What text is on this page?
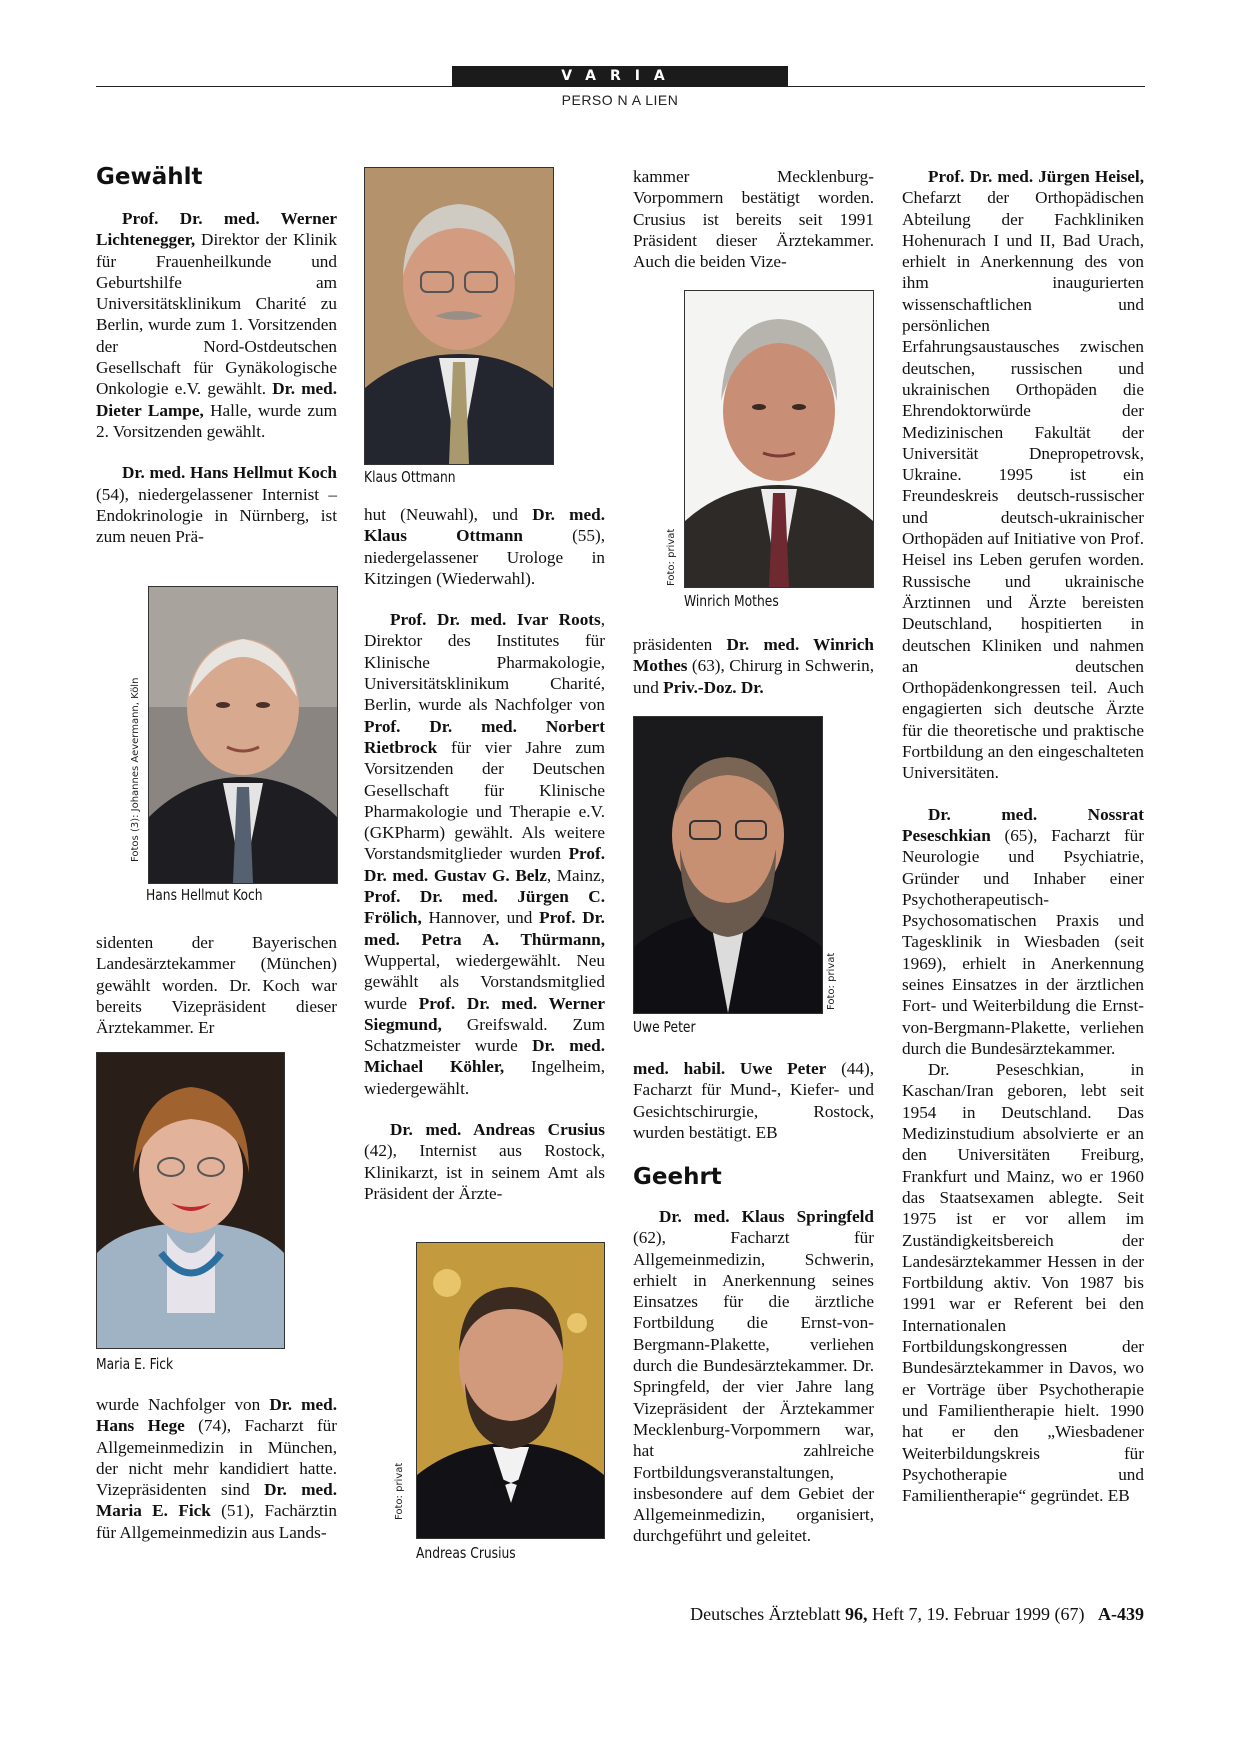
VARIA
PERSO N A LIEN
Gewählt

Prof. Dr. med. Werner Lichtenegger, Direktor der Klinik für Frauenheilkunde und Geburtshilfe am Universitätsklinikum Charité zu Berlin, wurde zum 1. Vorsitzenden der Nord-Ostdeutschen Gesellschaft für Gynäkologische Onkologie e.V. gewählt. Dr. med. Dieter Lampe, Halle, wurde zum 2. Vorsitzenden gewählt.

Dr. med. Hans Hellmut Koch (54), niedergelassener Internist – Endokrinologie in Nürnberg, ist zum neuen Prä-

Fotos (3): Johannes Aevermann, Köln
Hans Hellmut Koch

sidenten der Bayerischen Landesärztekammer (München) gewählt worden. Dr. Koch war bereits Vizepräsident dieser Ärztekammer. Er

Maria E. Fick

wurde Nachfolger von Dr. med. Hans Hege (74), Facharzt für Allgemeinmedizin in München, der nicht mehr kandidiert hatte. Vizepräsidenten sind Dr. med. Maria E. Fick (51), Fachärztin für Allgemeinmedizin aus Lands-

Klaus Ottmann

hut (Neuwahl), und Dr. med. Klaus Ottmann (55), niedergelassener Urologe in Kitzingen (Wiederwahl).

Prof. Dr. med. Ivar Roots, Direktor des Institutes für Klinische Pharmakologie, Universitätsklinikum Charité, Berlin, wurde als Nachfolger von Prof. Dr. med. Norbert Rietbrock für vier Jahre zum Vorsitzenden der Deutschen Gesellschaft für Klinische Pharmakologie und Therapie e.V. (GKPharm) gewählt. Als weitere Vorstandsmitglieder wurden Prof. Dr. med. Gustav G. Belz, Mainz, Prof. Dr. med. Jürgen C. Frölich, Hannover, und Prof. Dr. med. Petra A. Thürmann, Wuppertal, wiedergewählt. Neu gewählt als Vorstandsmitglied wurde Prof. Dr. med. Werner Siegmund, Greifswald. Zum Schatzmeister wurde Dr. med. Michael Köhler, Ingelheim, wiedergewählt.

Dr. med. Andreas Crusius (42), Internist aus Rostock, Klinikarzt, ist in seinem Amt als Präsident der Ärzte-

Foto: privat
Andreas Crusius

kammer Mecklenburg-Vorpommern bestätigt worden. Crusius ist bereits seit 1991 Präsident dieser Ärztekammer. Auch die beiden Vize-

Foto: privat
Winrich Mothes

präsidenten Dr. med. Winrich Mothes (63), Chirurg in Schwerin, und Priv.-Doz. Dr.

Foto: privat
Uwe Peter

med. habil. Uwe Peter (44), Facharzt für Mund-, Kiefer- und Gesichtschirurgie, Rostock, wurden bestätigt. EB

Geehrt

Dr. med. Klaus Springfeld (62), Facharzt für Allgemeinmedizin, Schwerin, erhielt in Anerkennung seines Einsatzes für die ärztliche Fortbildung die Ernst-von-Bergmann-Plakette, verliehen durch die Bundesärztekammer. Dr. Springfeld, der vier Jahre lang Vizepräsident der Ärztekammer Mecklenburg-Vorpommern war, hat zahlreiche Fortbildungsveranstaltungen, insbesondere auf dem Gebiet der Allgemeinmedizin, organisiert, durchgeführt und geleitet.

Prof. Dr. med. Jürgen Heisel, Chefarzt der Orthopädischen Abteilung der Fachkliniken Hohenurach I und II, Bad Urach, erhielt in Anerkennung des von ihm inaugurierten wissenschaftlichen und persönlichen Erfahrungsaustausches zwischen deutschen, russischen und ukrainischen Orthopäden die Ehrendoktorwürde der Medizinischen Fakultät der Universität Dnepropetrovsk, Ukraine. 1995 ist ein Freundeskreis deutsch-russischer und deutsch-ukrainischer Orthopäden auf Initiative von Prof. Heisel ins Leben gerufen worden. Russische und ukrainische Ärztinnen und Ärzte bereisten Deutschland, hospitierten in deutschen Kliniken und nahmen an deutschen Orthopädenkongressen teil. Auch engagierten sich deutsche Ärzte für die theoretische und praktische Fortbildung an den eingeschalteten Universitäten.

Dr. med. Nossrat Peseschkian (65), Facharzt für Neurologie und Psychiatrie, Gründer und Inhaber einer Psychotherapeutisch-Psychosomatischen Praxis und Tagesklinik in Wiesbaden (seit 1969), erhielt in Anerkennung seines Einsatzes in der ärztlichen Fort- und Weiterbildung die Ernst-von-Bergmann-Plakette, verliehen durch die Bundesärztekammer.

Dr. Peseschkian, in Kaschan/Iran geboren, lebt seit 1954 in Deutschland. Das Medizinstudium absolvierte er an den Universitäten Freiburg, Frankfurt und Mainz, wo er 1960 das Staatsexamen ablegte. Seit 1975 ist er vor allem im Zuständigkeitsbereich der Landesärztekammer Hessen in der Fortbildung aktiv. Von 1987 bis 1991 war er Referent bei den Internationalen Fortbildungskongressen der Bundesärztekammer in Davos, wo er Vorträge über Psychotherapie und Familientherapie hielt. 1990 hat er den „Wiesbadener Weiterbildungskreis für Psychotherapie und Familientherapie“ gegründet. EB

Deutsches Ärzteblatt 96, Heft 7, 19. Februar 1999 (67) A-439
